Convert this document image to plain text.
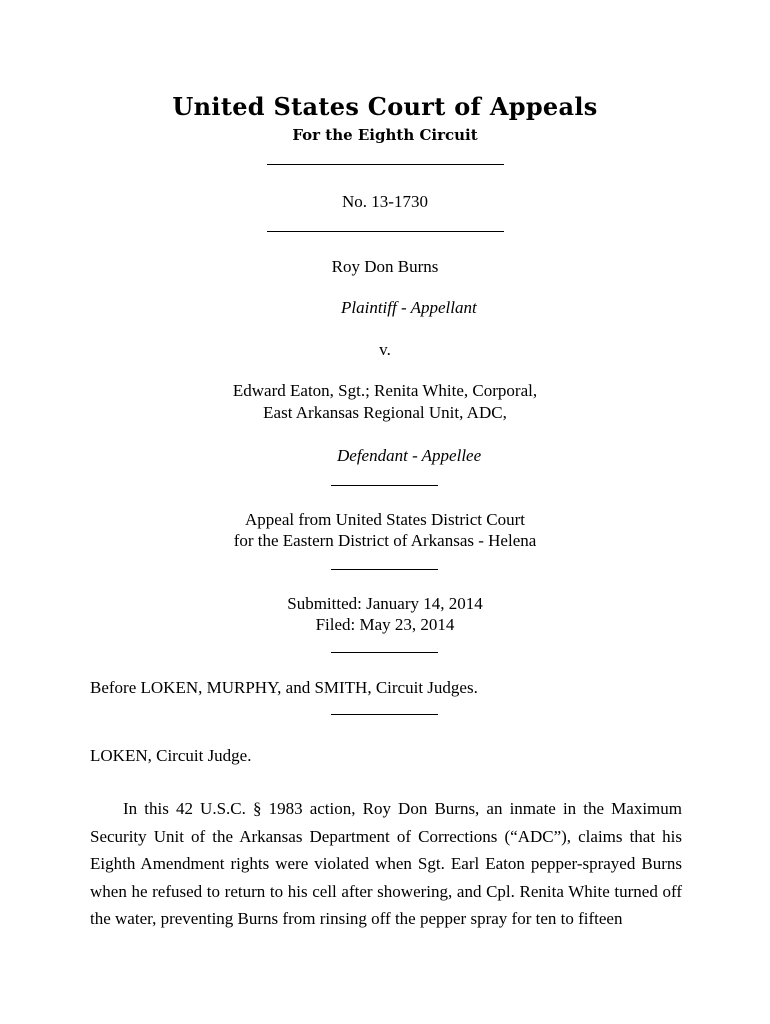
United States Court of Appeals
For the Eighth Circuit
No. 13-1730
Roy Don Burns
Plaintiff - Appellant
v.
Edward Eaton, Sgt.; Renita White, Corporal,
East Arkansas Regional Unit, ADC,
Defendant - Appellee
Appeal from United States District Court
for the Eastern District of Arkansas - Helena
Submitted: January 14, 2014
Filed: May 23, 2014
Before LOKEN, MURPHY, and SMITH, Circuit Judges.
LOKEN, Circuit Judge.
In this 42 U.S.C. § 1983 action, Roy Don Burns, an inmate in the Maximum Security Unit of the Arkansas Department of Corrections (“ADC”), claims that his Eighth Amendment rights were violated when Sgt. Earl Eaton pepper-sprayed Burns when he refused to return to his cell after showering, and Cpl. Renita White turned off the water, preventing Burns from rinsing off the pepper spray for ten to fifteen
